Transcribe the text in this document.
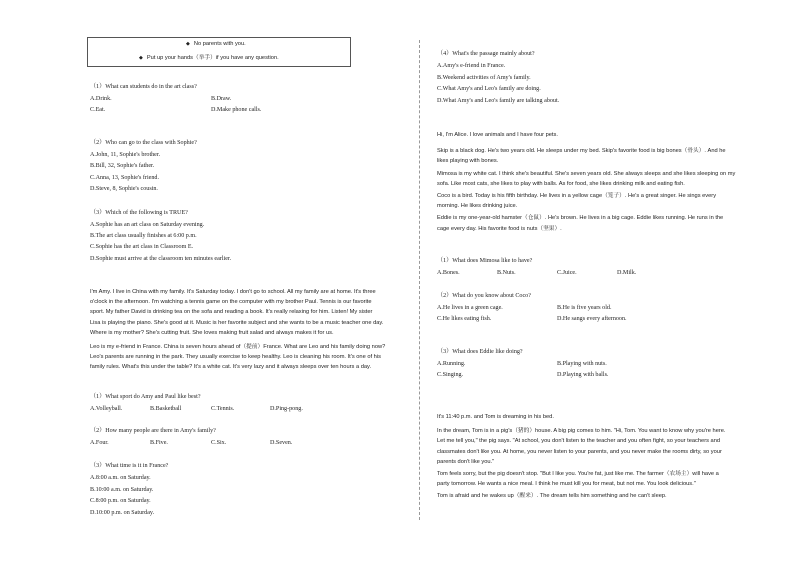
◆ No parents with you.
◆ Put up your hands（举手）if you have any question.
（1）What can students do in the art class?
A.Drink.	B.Draw.
C.Eat.	D.Make phone calls.
（2）Who can go to the class with Sophie?
A.John, 11, Sophie's brother.
B.Bill, 32, Sophie's father.
C.Anna, 13, Sophie's friend.
D.Steve, 8, Sophie's cousin.
（3）Which of the following is TRUE?
A.Sophie has an art class on Saturday evening.
B.The art class usually finishes at 6:00 p.m.
C.Sophie has the art class in Classroom E.
D.Sophie must arrive at the classroom ten minutes earlier.
I'm Amy. I live in China with my family. It's Saturday today. I don't go to school. All my family are at home. It's three
o'clock in the afternoon. I'm watching a tennis game on the computer with my brother Paul. Tennis is our favorite
sport. My father David is drinking tea on the sofa and reading a book. It's really relaxing for him. Listen! My sister
Lisa is playing the piano. She's good at it. Music is her favorite subject and she wants to be a music teacher one day.
Where is my mother? She's cutting fruit. She loves making fruit salad and always makes it for us.
Leo is my e-friend in France. China is seven hours ahead of（提前）France. What are Leo and his family doing now?
Leo's parents are running in the park. They usually exercise to keep healthy. Leo is cleaning his room. It's one of his
family rules. What's this under the table? It's a white cat. It's very lazy and it always sleeps over ten hours a day.
（1）What sport do Amy and Paul like best?
A.Volleyball.	B.Basketball	C.Tennis.	D.Ping-pong.
（2）How many people are there in Amy's family?
A.Four.	B.Five.	C.Six.	D.Seven.
（3）What time is it in France?
A.8:00 a.m. on Saturday.
B.10:00 a.m. on Saturday.
C.8:00 p.m. on Saturday.
D.10:00 p.m. on Saturday.
（4）What's the passage mainly about?
A.Amy's e-friend in France.
B.Weekend activities of Amy's family.
C.What Amy's and Leo's family are doing.
D.What Amy's and Leo's family are talking about.
Hi, I'm Alice. I love animals and I have four pets.
Skip is a black dog. He's two years old. He sleeps under my bed. Skip's favorite food is big bones（骨头）. And he
likes playing with bones.
Mimosa is my white cat. I think she's beautiful. She's seven years old. She always sleeps and she likes sleeping on my
sofa. Like most cats, she likes to play with balls. As for food, she likes drinking milk and eating fish.
Coco is a bird. Today is his fifth birthday. He lives in a yellow cage（笼子）. He's a great singer. He sings every
morning. He likes drinking juice.
Eddie is my one-year-old hamster（仓鼠）. He's brown. He lives in a big cage. Eddie likes running. He runs in the
cage every day. His favorite food is nuts（坚果）.
（1）What does Mimosa like to have?
A.Bones.	B.Nuts.	C.Juice.	D.Milk.
（2）What do you know about Coco?
A.He lives in a green cage.	B.He is five years old.
C.He likes eating fish.	D.He sangs every afternoon.
（3）What does Eddie like doing?
A.Running.	B.Playing with nuts.
C.Singing.	D.Playing with balls.
It's 11:40 p.m. and Tom is dreaming in his bed.
In the dream, Tom is in a pig's（猪的）house. A big pig comes to him. "Hi, Tom. You want to know why you're here.
Let me tell you," the pig says. "At school, you don't listen to the teacher and you often fight, so your teachers and
classmates don't like you. At home, you never listen to your parents, and you never make the rooms dirty, so your
parents don't like you."
Tom feels sorry, but the pig doesn't stop. "But I like you. You're fat, just like me. The farmer（农场主）will have a
party tomorrow. He wants a nice meal. I think he must kill you for meat, but not me. You look delicious."
Tom is afraid and he wakes up（醒来）. The dream tells him something and he can't sleep.
